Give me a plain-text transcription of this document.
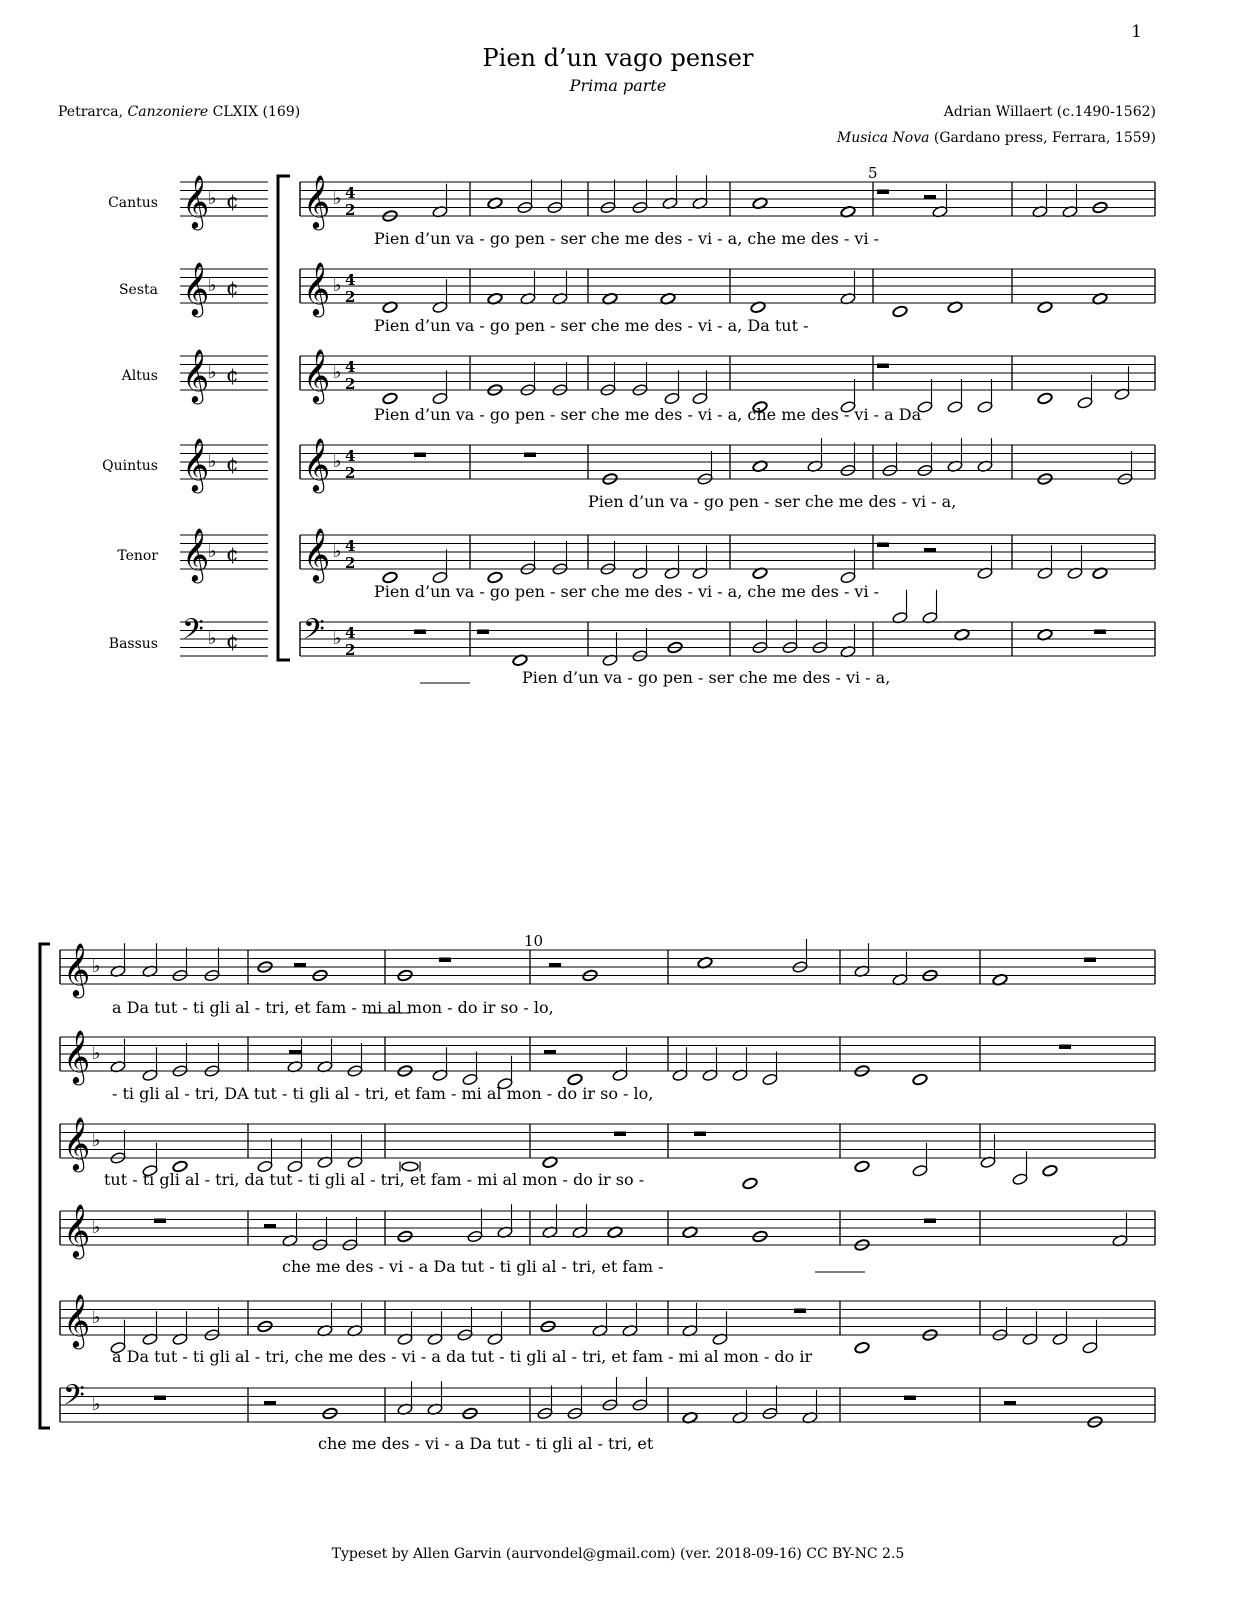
1
Pien d’un vago penser
Prima parte
Petrarca, Canzoniere CLXIX (169)	Adrian Willaert (c.1490-1562)
Musica Nova (Gardano press, Ferrara, 1559)
Cantus
Sesta
Altus
Quintus
Tenor
Bassus
5
10
𝄞
♭ ¢ 𝄞 ♭ 4
2
𝄞
♭ ¢ 𝄞 ♭ 4
2
𝄞
♭ ¢ 𝄞 ♭ 4
2
𝄞
♭ ¢ 𝄞 ♭ 4
2
𝄞
♭ ¢ 𝄞 ♭ 4
2
𝄢 ♭ ¢ 𝄢 ♭ 4
2
𝄞 ♭
𝄞 ♭
𝄞 ♭
𝄞 ♭
𝄞 ♭
𝄢 ♭
Pien d’un va - go pen - ser che me des - vi - a, che me des - vi -
Pien d’un va - go pen - ser che me des - vi - a, Da tut -
Pien d’un va - go pen - ser che me des - vi - a, che me des - vi - a Da
Pien d’un va - go pen - ser che me des - vi - a,
Pien d’un va - go pen - ser che me des - vi - a, che me des - vi -
Pien d’un va - go pen - ser che me des - vi - a,
a Da tut - ti gli al - tri, et fam - mi al mon - do ir so - lo,
- ti gli al - tri, DA tut - ti gli al - tri, et fam - mi al mon - do ir so - lo,
tut - ti gli al - tri, da tut - ti gli al - tri, et fam - mi al mon - do ir so -
che me des - vi - a Da tut - ti gli al - tri, et fam -
a Da tut - ti gli al - tri, che me des - vi - a da tut - ti gli al - tri, et fam - mi al mon - do ir
che me des - vi - a Da tut - ti gli al - tri, et
Typeset by Allen Garvin (aurvondel@gmail.com) (ver. 2018-09-16) CC BY-NC 2.5
